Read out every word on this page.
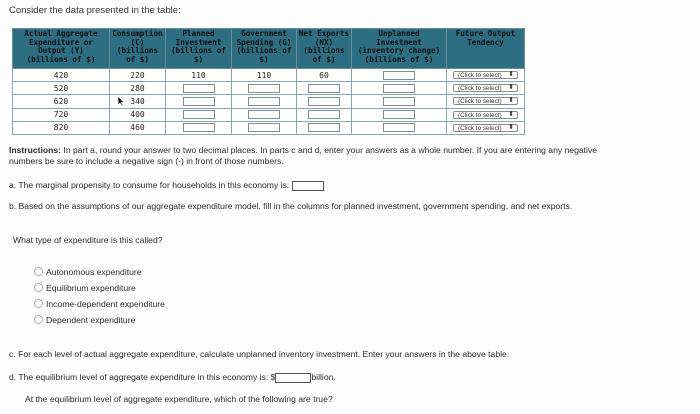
Consider the data presented in the table:
Actual Aggregate
Expenditure or
Output (Y)
(billions of $)	Consumption
(C)
(billions
of $)	Planned
Investment
(billions of
$)	Government
Spending (G)
(billions of
$)	Net Exports
(NX)
(billions
of $)	Unplanned
Investment
(inventory change)
(billions of $)	Future Output
Tendency
420	220	110	110	60		(Click to select) ⬍

520	280					(Click to select) ⬍

620	340					(Click to select) ⬍

720	400					(Click to select) ⬍

820	460					(Click to select) ⬍
Instructions: In part a, round your answer to two decimal places. In parts c and d, enter your answers as a whole number. If you are entering any negative numbers be sure to include a negative sign (-) in front of those numbers.
a. The marginal propensity to consume for households in this economy is:
b. Based on the assumptions of our aggregate expenditure model, fill in the columns for planned investment, government spending, and net exports.
What type of expenditure is this called?
Autonomous expenditure
Equilibrium expenditure
Income-dependent expenditure
Dependent expenditure
c. For each level of actual aggregate expenditure, calculate unplanned inventory investment. Enter your answers in the above table.
d. The equilibrium level of aggregate expenditure in this economy is: $	billion.
At the equilibrium level of aggregate expenditure, which of the following are true?
